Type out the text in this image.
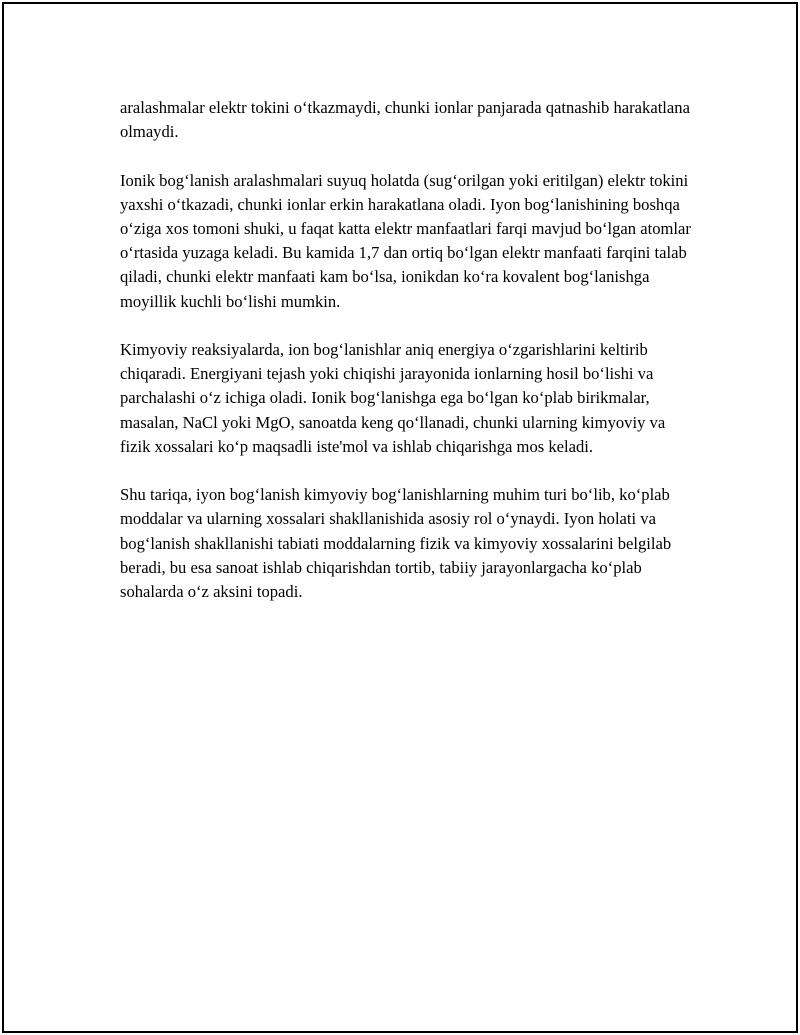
aralashmalar elektr tokini o‘tkazmaydi, chunki ionlar panjarada qatnashib harakatlana olmaydi.

Ionik bog‘lanish aralashmalari suyuq holatda (sug‘orilgan yoki eritilgan) elektr tokini yaxshi o‘tkazadi, chunki ionlar erkin harakatlana oladi. Iyon bog‘lanishining boshqa o‘ziga xos tomoni shuki, u faqat katta elektr manfaatlari farqi mavjud bo‘lgan atomlar o‘rtasida yuzaga keladi. Bu kamida 1,7 dan ortiq bo‘lgan elektr manfaati farqini talab qiladi, chunki elektr manfaati kam bo‘lsa, ionikdan ko‘ra kovalent bog‘lanishga moyillik kuchli bo‘lishi mumkin.

Kimyoviy reaksiyalarda, ion bog‘lanishlar aniq energiya o‘zgarishlarini keltirib chiqaradi. Energiyani tejash yoki chiqishi jarayonida ionlarning hosil bo‘lishi va parchalashi o‘z ichiga oladi. Ionik bog‘lanishga ega bo‘lgan ko‘plab birikmalar, masalan, NaCl yoki MgO, sanoatda keng qo‘llanadi, chunki ularning kimyoviy va fizik xossalari ko‘p maqsadli iste'mol va ishlab chiqarishga mos keladi.

Shu tariqa, iyon bog‘lanish kimyoviy bog‘lanishlarning muhim turi bo‘lib, ko‘plab moddalar va ularning xossalari shakllanishida asosiy rol o‘ynaydi. Iyon holati va bog‘lanish shakllanishi tabiati moddalarning fizik va kimyoviy xossalarini belgilab beradi, bu esa sanoat ishlab chiqarishdan tortib, tabiiy jarayonlargacha ko‘plab sohalarda o‘z aksini topadi.
